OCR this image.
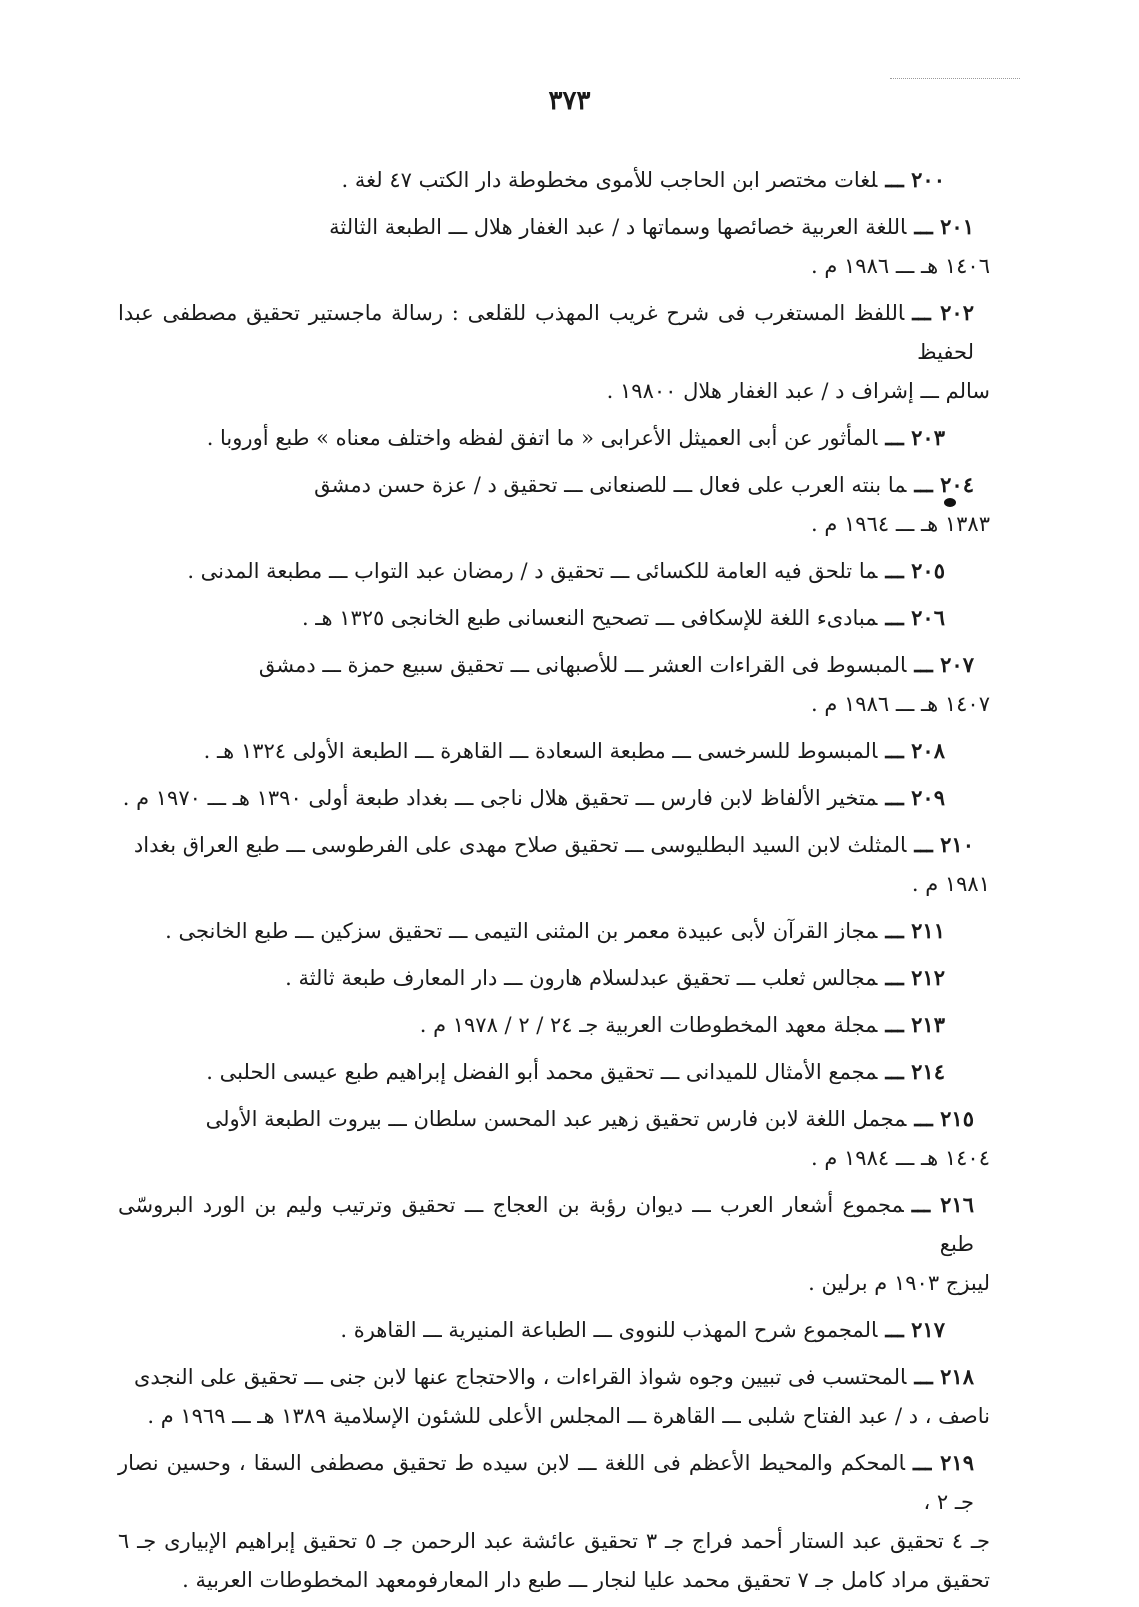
٣٧٣
٢٠٠ ـــلغات مختصر ابن الحاجب للأموى مخطوطة دار الكتب ٤٧ لغة .
٢٠١ ـــاللغة العربية خصائصها وسماتها د / عبد الغفار هلال ـــ الطبعة الثالثة
١٤٠٦ هـ ـــ ١٩٨٦ م .
٢٠٢ ـــاللفظ المستغرب فى شرح غريب المهذب للقلعى : رسالة ماجستير تحقيق مصطفى عبدا لحفيظ
سالم ـــ إشراف د / عبد الغفار هلال ١٩٨٠٠ .
٢٠٣ ـــالمأثور عن أبى العميثل الأعرابى « ما اتفق لفظه واختلف معناه » طبع أوروبا .
٢٠٤ ـــما بنته العرب على فعال ـــ للصنعانى ـــ تحقيق د / عزة حسن دمشق
١٣٨٣ هـ ـــ ١٩٦٤ م .
٢٠٥ ـــما تلحق فيه العامة للكسائى ـــ تحقيق د / رمضان عبد التواب ـــ مطبعة المدنى .
٢٠٦ ـــمبادىء اللغة للإسكافى ـــ تصحيح النعسانى طبع الخانجى ١٣٢٥ هـ .
٢٠٧ ـــالمبسوط فى القراءات العشر ـــ للأصبهانى ـــ تحقيق سبيع حمزة ـــ دمشق
١٤٠٧ هـ ـــ ١٩٨٦ م .
٢٠٨ ـــالمبسوط للسرخسى ـــ مطبعة السعادة ـــ القاهرة ـــ الطبعة الأولى ١٣٢٤ هـ .
٢٠٩ ـــمتخير الألفاظ لابن فارس ـــ تحقيق هلال ناجى ـــ بغداد طبعة أولى ١٣٩٠ هـ ـــ ١٩٧٠ م .
٢١٠ ـــالمثلث لابن السيد البطليوسى ـــ تحقيق صلاح مهدى على الفرطوسى ـــ طبع العراق بغداد
١٩٨١ م .
٢١١ ـــمجاز القرآن لأبى عبيدة معمر بن المثنى التيمى ـــ تحقيق سزكين ـــ طبع الخانجى .
٢١٢ ـــمجالس ثعلب ـــ تحقيق عبدلسلام هارون ـــ دار المعارف طبعة ثالثة .
٢١٣ ـــمجلة معهد المخطوطات العربية جـ ٢٤ / ٢ / ١٩٧٨ م .
٢١٤ ـــمجمع الأمثال للميدانى ـــ تحقيق محمد أبو الفضل إبراهيم طبع عيسى الحلبى .
٢١٥ ـــمجمل اللغة لابن فارس تحقيق زهير عبد المحسن سلطان ـــ بيروت الطبعة الأولى
١٤٠٤ هـ ـــ ١٩٨٤ م .
٢١٦ ـــمجموع أشعار العرب ـــ ديوان رؤبة بن العجاج ـــ تحقيق وترتيب وليم بن الورد البروسّى طبع
ليبزج ١٩٠٣ م برلين .
٢١٧ ـــالمجموع شرح المهذب للنووى ـــ الطباعة المنيرية ـــ القاهرة .
٢١٨ ـــالمحتسب فى تبيين وجوه شواذ القراءات ، والاحتجاج عنها لابن جنى ـــ تحقيق على النجدى
ناصف ، د / عبد الفتاح شلبى ـــ القاهرة ـــ المجلس الأعلى للشئون الإسلامية ١٣٨٩ هـ ـــ ١٩٦٩ م .
٢١٩ ـــالمحكم والمحيط الأعظم فى اللغة ـــ لابن سيده ط تحقيق مصطفى السقا ، وحسين نصار جـ ٢ ،
جـ ٤ تحقيق عبد الستار أحمد فراج جـ ٣ تحقيق عائشة عبد الرحمن جـ ٥ تحقيق إبراهيم الإبيارى جـ ٦ تحقيق مراد كامل جـ ٧ تحقيق محمد عليا لنجار ـــ طبع دار المعارفومعهد المخطوطات العربية .
